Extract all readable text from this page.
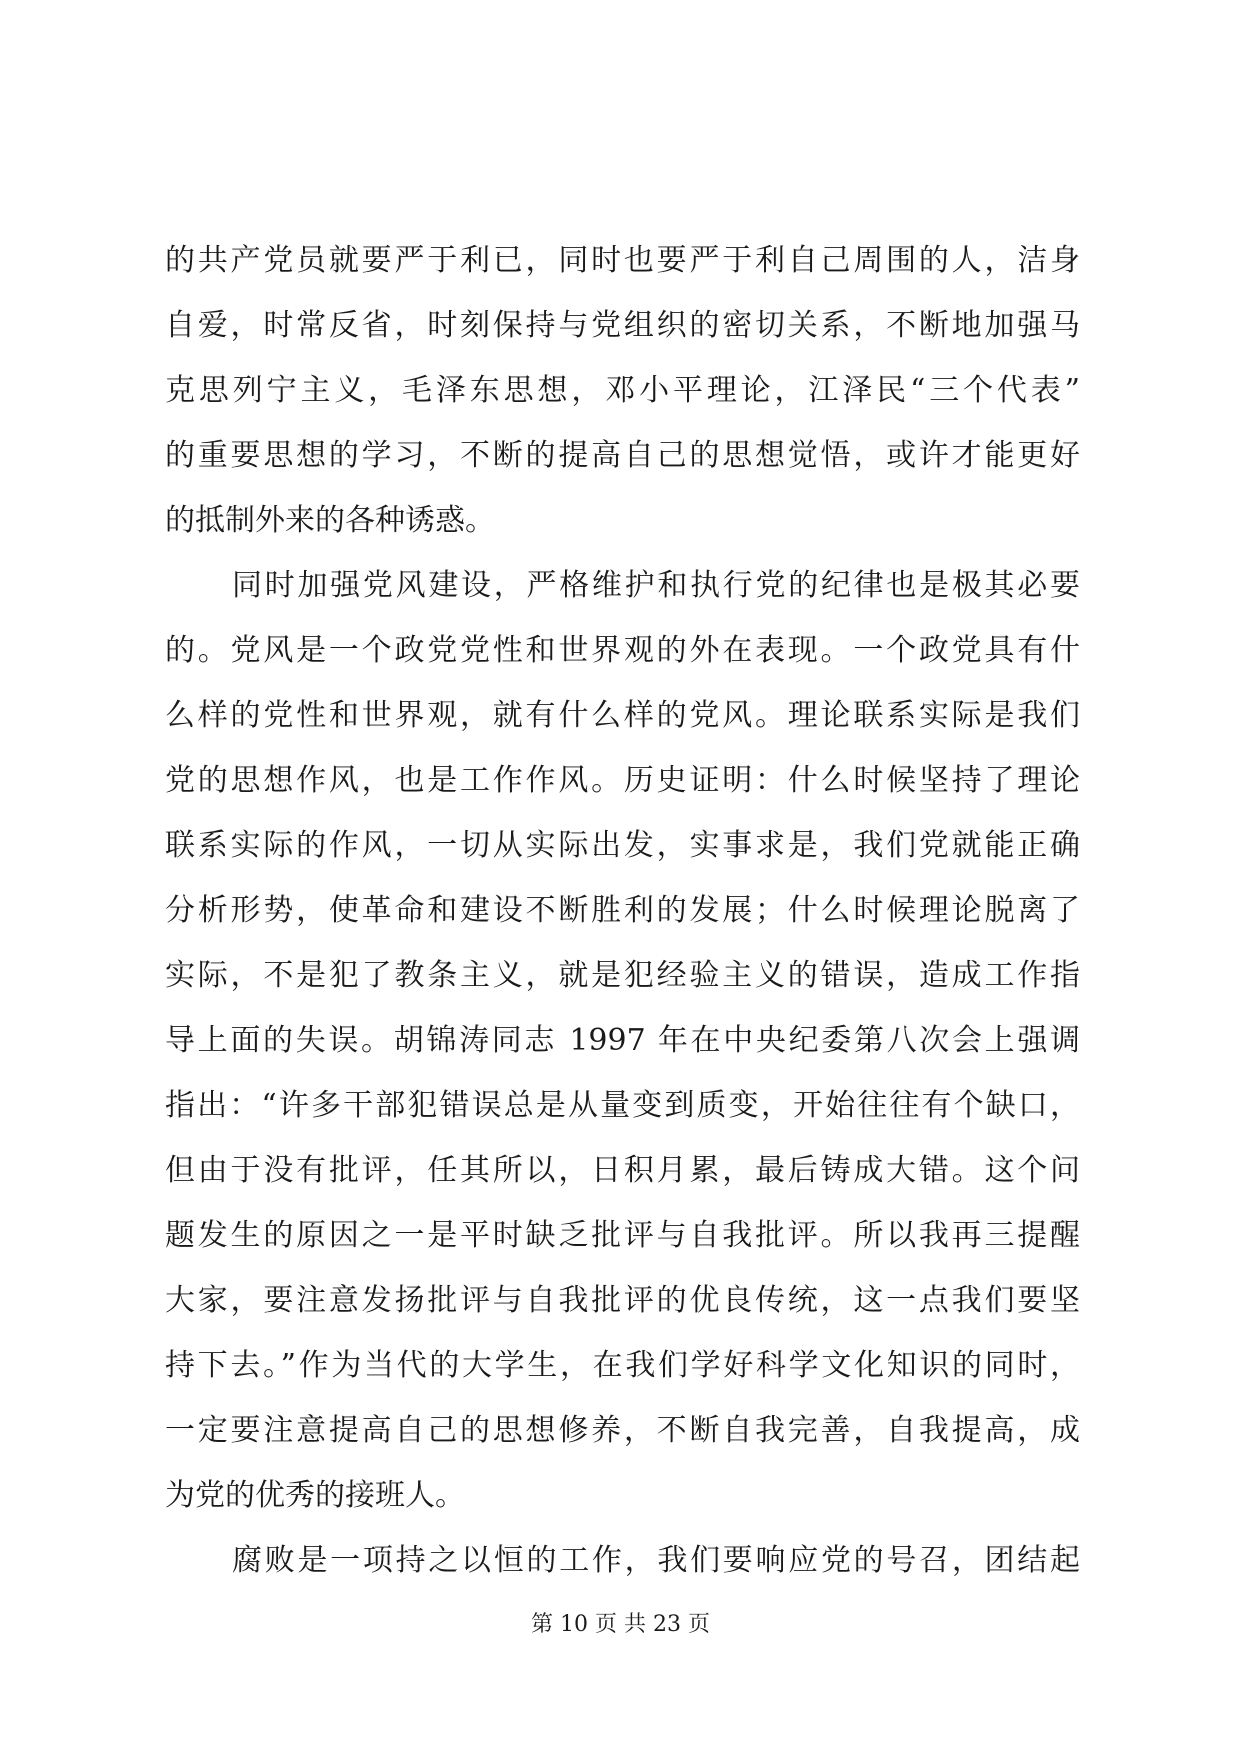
的共产党员就要严于利已，同时也要严于利自己周围的人，洁身
自爱，时常反省，时刻保持与党组织的密切关系，不断地加强马
克思列宁主义，毛泽东思想，邓小平理论，江泽民“三个代表”
的重要思想的学习，不断的提高自己的思想觉悟，或许才能更好
的抵制外来的各种诱惑。
同时加强党风建设，严格维护和执行党的纪律也是极其必要
的。党风是一个政党党性和世界观的外在表现。一个政党具有什
么样的党性和世界观，就有什么样的党风。理论联系实际是我们
党的思想作风，也是工作作风。历史证明：什么时候坚持了理论
联系实际的作风，一切从实际出发，实事求是，我们党就能正确
分析形势，使革命和建设不断胜利的发展；什么时候理论脱离了
实际，不是犯了教条主义，就是犯经验主义的错误，造成工作指
导上面的失误。胡锦涛同志 1997 年在中央纪委第八次会上强调
指出：“许多干部犯错误总是从量变到质变，开始往往有个缺口，
但由于没有批评，任其所以，日积月累，最后铸成大错。这个问
题发生的原因之一是平时缺乏批评与自我批评。所以我再三提醒
大家，要注意发扬批评与自我批评的优良传统，这一点我们要坚
持下去。”作为当代的大学生，在我们学好科学文化知识的同时，
一定要注意提高自己的思想修养，不断自我完善，自我提高，成
为党的优秀的接班人。
腐败是一项持之以恒的工作，我们要响应党的号召，团结起
第 10 页 共 23 页
